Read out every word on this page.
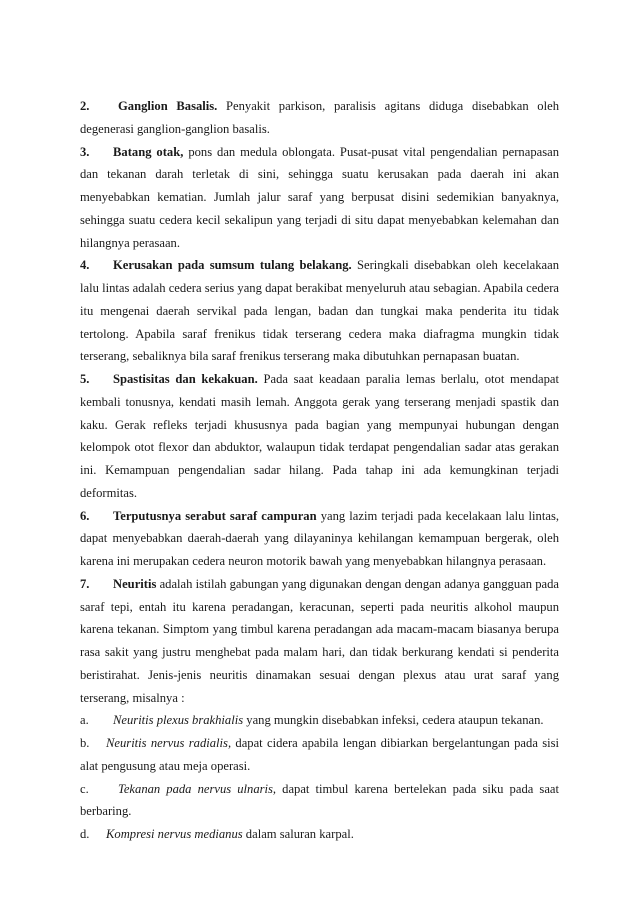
2. Ganglion Basalis. Penyakit parkison, paralisis agitans diduga disebabkan oleh degenerasi ganglion-ganglion basalis.

3. Batang otak, pons dan medula oblongata. Pusat-pusat vital pengendalian pernapasan dan tekanan darah terletak di sini, sehingga suatu kerusakan pada daerah ini akan menyebabkan kematian. Jumlah jalur saraf yang berpusat disini sedemikian banyaknya, sehingga suatu cedera kecil sekalipun yang terjadi di situ dapat menyebabkan kelemahan dan hilangnya perasaan.

4. Kerusakan pada sumsum tulang belakang. Seringkali disebabkan oleh kecelakaan lalu lintas adalah cedera serius yang dapat berakibat menyeluruh atau sebagian. Apabila cedera itu mengenai daerah servikal pada lengan, badan dan tungkai maka penderita itu tidak tertolong. Apabila saraf frenikus tidak terserang cedera maka diafragma mungkin tidak terserang, sebaliknya bila saraf frenikus terserang maka dibutuhkan pernapasan buatan.

5. Spastisitas dan kekakuan. Pada saat keadaan paralia lemas berlalu, otot mendapat kembali tonusnya, kendati masih lemah. Anggota gerak yang terserang menjadi spastik dan kaku. Gerak refleks terjadi khususnya pada bagian yang mempunyai hubungan dengan kelompok otot flexor dan abduktor, walaupun tidak terdapat pengendalian sadar atas gerakan ini. Kemampuan pengendalian sadar hilang. Pada tahap ini ada kemungkinan terjadi deformitas.

6. Terputusnya serabut saraf campuran yang lazim terjadi pada kecelakaan lalu lintas, dapat menyebabkan daerah-daerah yang dilayaninya kehilangan kemampuan bergerak, oleh karena ini merupakan cedera neuron motorik bawah yang menyebabkan hilangnya perasaan.

7. Neuritis adalah istilah gabungan yang digunakan dengan dengan adanya gangguan pada saraf tepi, entah itu karena peradangan, keracunan, seperti pada neuritis alkohol maupun karena tekanan. Simptom yang timbul karena peradangan ada macam-macam biasanya berupa rasa sakit yang justru menghebat pada malam hari, dan tidak berkurang kendati si penderita beristirahat. Jenis-jenis neuritis dinamakan sesuai dengan plexus atau urat saraf yang terserang, misalnya :

a. Neuritis plexus brakhialis yang mungkin disebabkan infeksi, cedera ataupun tekanan.

b. Neuritis nervus radialis, dapat cidera apabila lengan dibiarkan bergelantungan pada sisi alat pengusung atau meja operasi.

c. Tekanan pada nervus ulnaris, dapat timbul karena bertelekan pada siku pada saat berbaring.

d. Kompresi nervus medianus dalam saluran karpal.
